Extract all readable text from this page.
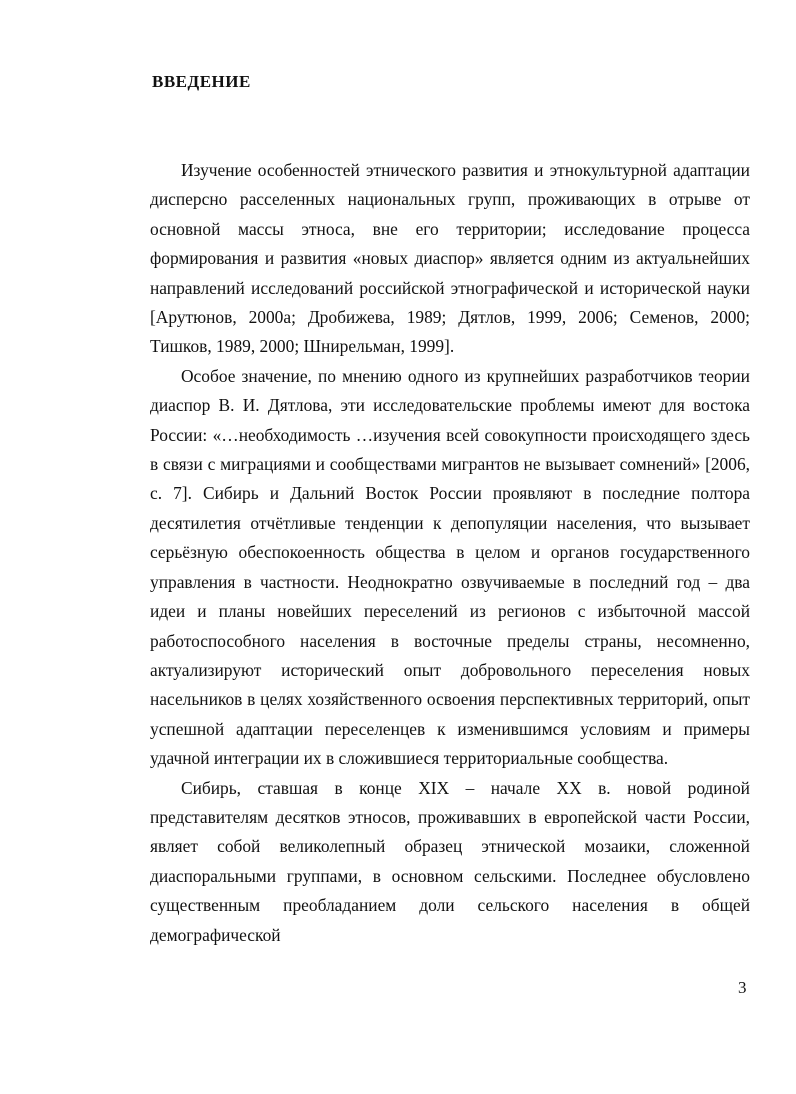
ВВЕДЕНИЕ

Изучение особенностей этнического развития и этнокультурной адаптации дисперсно расселенных национальных групп, проживающих в отрыве от основной массы этноса, вне его территории; исследование процесса формирования и развития «новых диаспор» является одним из актуальнейших направлений исследований российской этнографической и исторической науки [Арутюнов, 2000а; Дробижева, 1989; Дятлов, 1999, 2006; Семенов, 2000; Тишков, 1989, 2000; Шнирельман, 1999].

Особое значение, по мнению одного из крупнейших разработчиков теории диаспор В. И. Дятлова, эти исследовательские проблемы имеют для востока России: «…необходимость …изучения всей совокупности происходящего здесь в связи с миграциями и сообществами мигрантов не вызывает сомнений» [2006, с. 7]. Сибирь и Дальний Восток России проявляют в последние полтора десятилетия отчётливые тенденции к депопуляции населения, что вызывает серьёзную обеспокоенность общества в целом и органов государственного управления в частности. Неоднократно озвучиваемые в последний год – два идеи и планы новейших переселений из регионов с избыточной массой работоспособного населения в восточные пределы страны, несомненно, актуализируют исторический опыт добровольного переселения новых насельников в целях хозяйственного освоения перспективных территорий, опыт успешной адаптации переселенцев к изменившимся условиям и примеры удачной интеграции их в сложившиеся территориальные сообщества.

Сибирь, ставшая в конце XIX – начале XX в. новой родиной представителям десятков этносов, проживавших в европейской части России, являет собой великолепный образец этнической мозаики, сложенной диаспоральными группами, в основном сельскими. Последнее обусловлено существенным преобладанием доли сельского населения в общей демографической

3
